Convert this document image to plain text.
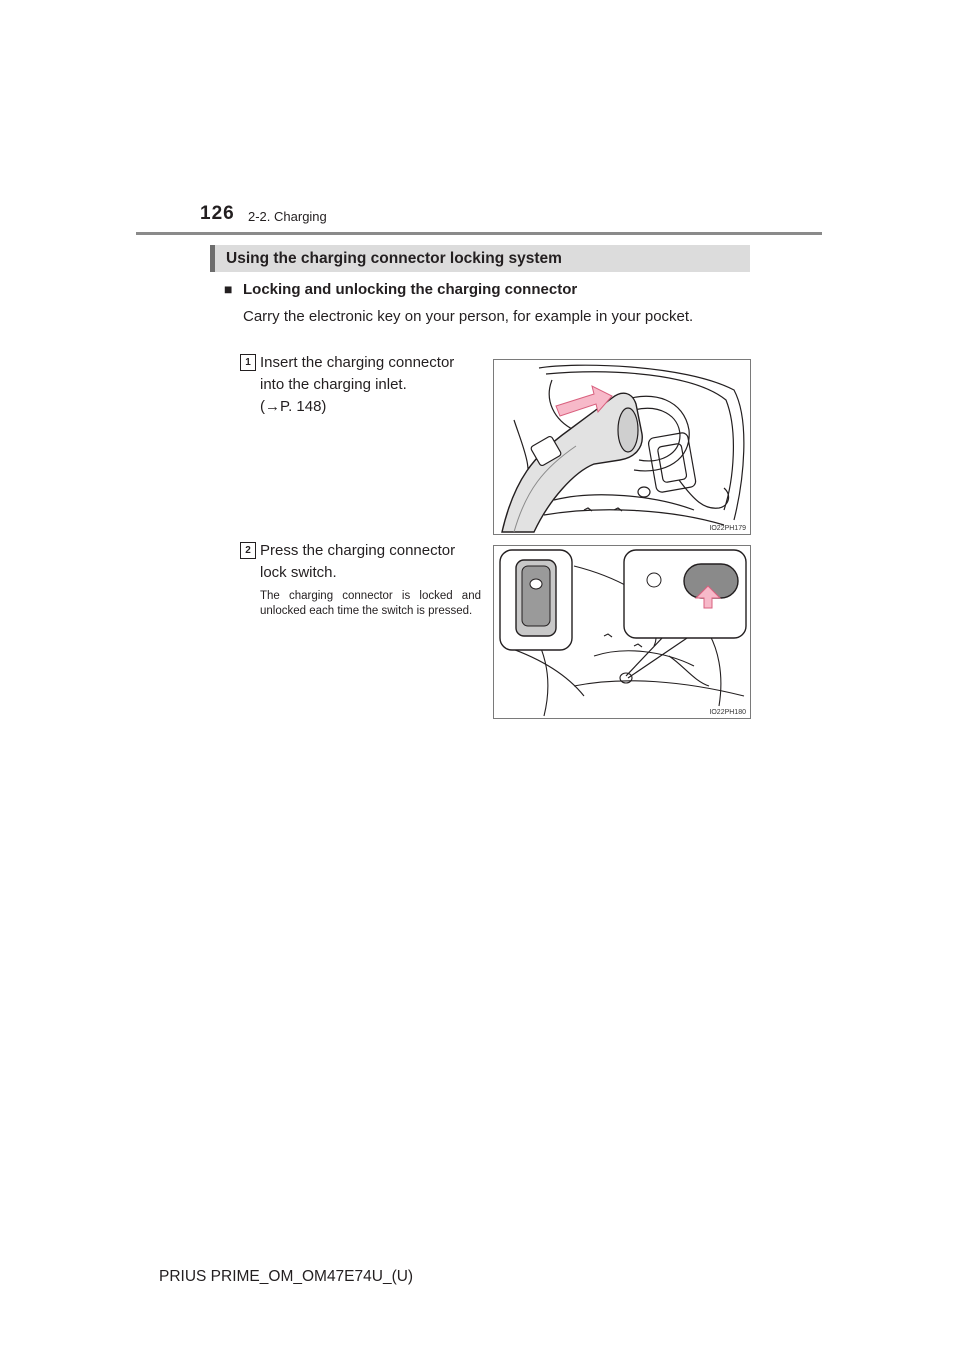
126 2-2. Charging
Using the charging connector locking system
■ Locking and unlocking the charging connector
Carry the electronic key on your person, for example in your pocket.
1 Insert the charging connector
into the charging inlet.
(→P. 148)
2 Press the charging connector
lock switch.
The charging connector is locked and unlocked each time the switch is pressed.
IO22PH179
IO22PH180
PRIUS PRIME_OM_OM47E74U_(U)
